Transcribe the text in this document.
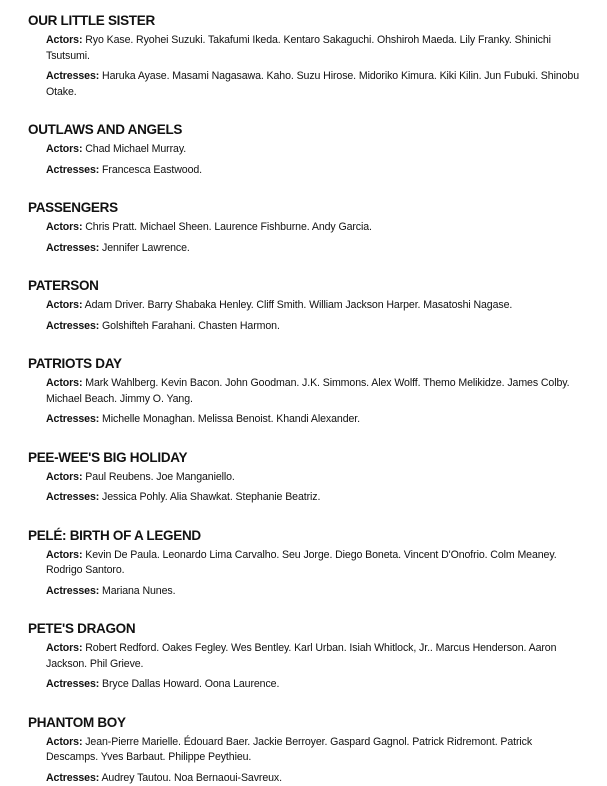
OUR LITTLE SISTER
Actors: Ryo Kase. Ryohei Suzuki. Takafumi Ikeda. Kentaro Sakaguchi. Ohshiroh Maeda. Lily Franky. Shinichi Tsutsumi.
Actresses: Haruka Ayase. Masami Nagasawa. Kaho. Suzu Hirose. Midoriko Kimura. Kiki Kilin. Jun Fubuki. Shinobu Otake.
OUTLAWS AND ANGELS
Actors: Chad Michael Murray.
Actresses: Francesca Eastwood.
PASSENGERS
Actors: Chris Pratt. Michael Sheen. Laurence Fishburne. Andy Garcia.
Actresses: Jennifer Lawrence.
PATERSON
Actors: Adam Driver. Barry Shabaka Henley. Cliff Smith. William Jackson Harper. Masatoshi Nagase.
Actresses: Golshifteh Farahani. Chasten Harmon.
PATRIOTS DAY
Actors: Mark Wahlberg. Kevin Bacon. John Goodman. J.K. Simmons. Alex Wolff. Themo Melikidze. James Colby. Michael Beach. Jimmy O. Yang.
Actresses: Michelle Monaghan. Melissa Benoist. Khandi Alexander.
PEE-WEE'S BIG HOLIDAY
Actors: Paul Reubens. Joe Manganiello.
Actresses: Jessica Pohly. Alia Shawkat. Stephanie Beatriz.
PELÉ: BIRTH OF A LEGEND
Actors: Kevin De Paula. Leonardo Lima Carvalho. Seu Jorge. Diego Boneta. Vincent D'Onofrio. Colm Meaney. Rodrigo Santoro.
Actresses: Mariana Nunes.
PETE'S DRAGON
Actors: Robert Redford. Oakes Fegley. Wes Bentley. Karl Urban. Isiah Whitlock, Jr.. Marcus Henderson. Aaron Jackson. Phil Grieve.
Actresses: Bryce Dallas Howard. Oona Laurence.
PHANTOM BOY
Actors: Jean-Pierre Marielle. Édouard Baer. Jackie Berroyer. Gaspard Gagnol. Patrick Ridremont. Patrick Descamps. Yves Barbaut. Philippe Peythieu.
Actresses: Audrey Tautou. Noa Bernaoui-Savreux.
